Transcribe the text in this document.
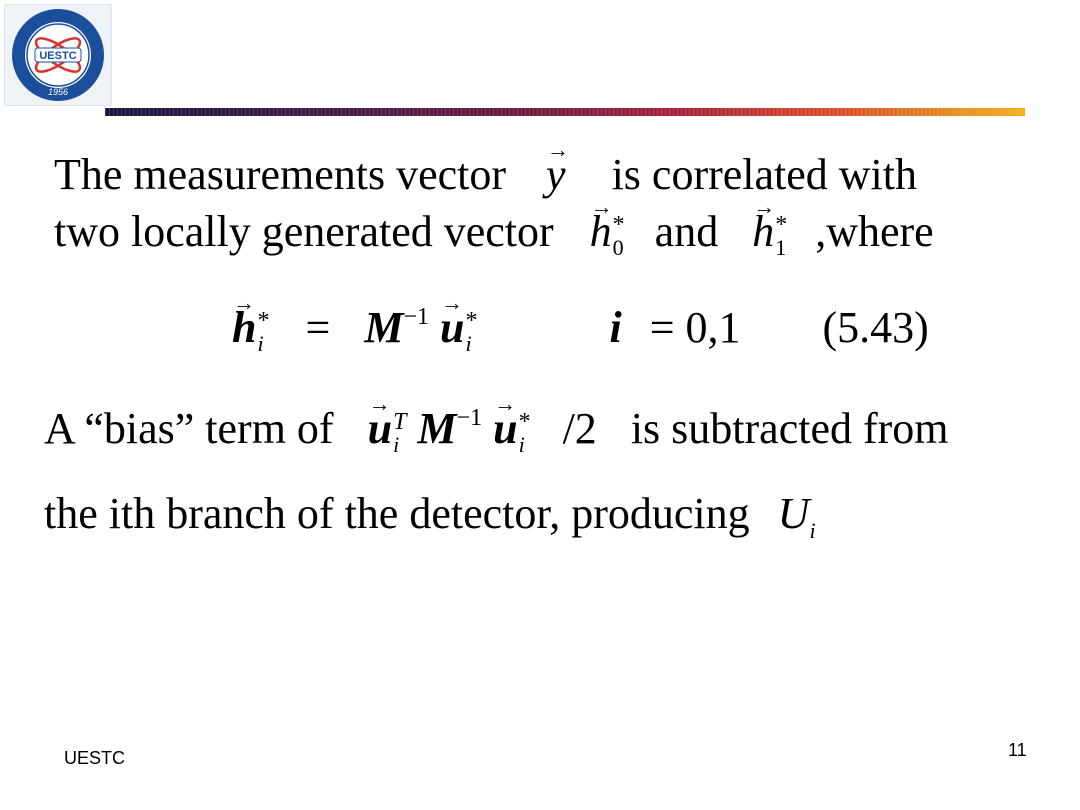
UESTC
1956
The measurements vector → y is correlated with
two locally generated vector → h *
0 and → h *
1 ,where
→ h *
$i = M^{-1} \to u$ *
i	i = 0,1 (5.43)
A “bias” term of → u T
i $M^{-1} \to u$ *
i /2 is subtracted from
the ith branch of the detector, producing $U_i$
UESTC	11
